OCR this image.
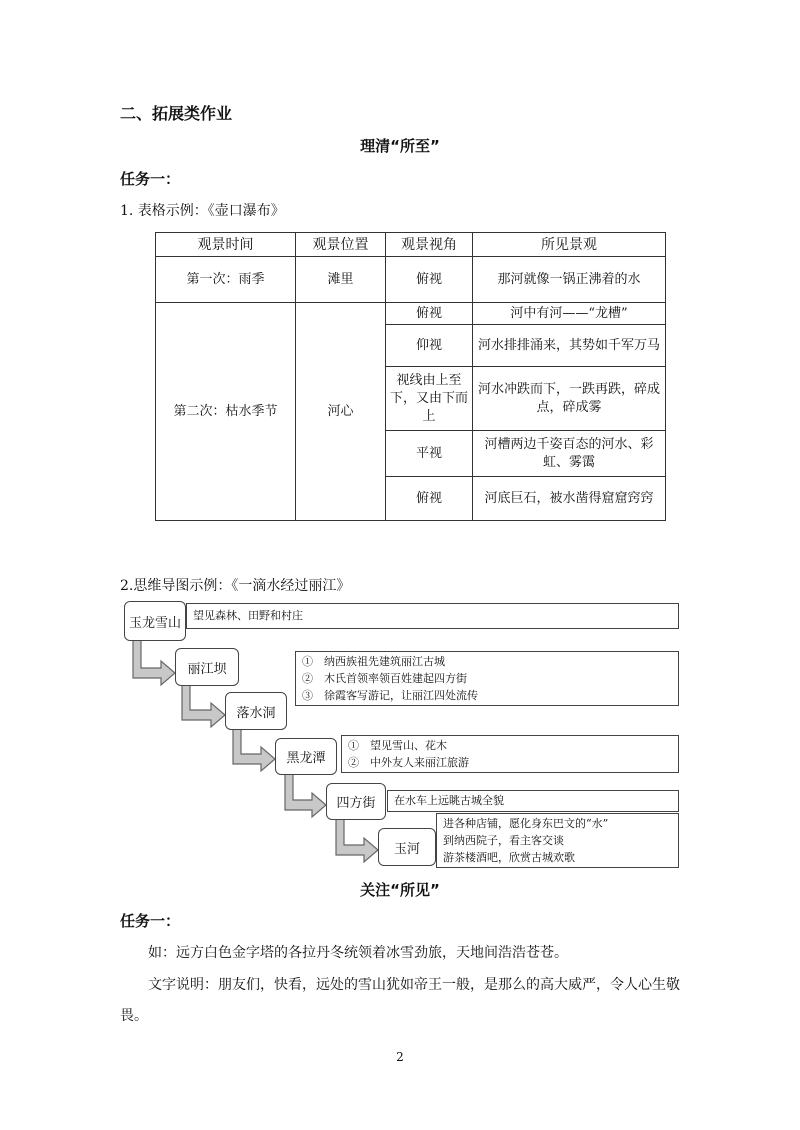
二、拓展类作业
理清“所至”
任务一：
1. 表格示例：《壶口瀑布》
观景时间	观景位置	观景视角	所见景观
第一次：雨季	滩里	俯视	那河就像一锅正沸着的水
第二次：枯水季节	河心	俯视	河中有河——“龙槽”
		仰视	河水排排涌来，其势如千军万马
		视线由上至下，又由下而上	河水冲跌而下，一跌再跌，碎成点，碎成雾
		平视	河槽两边千姿百态的河水、彩虹、雾霭
		俯视	河底巨石，被水凿得窟窟窍窍
2.思维导图示例：《一滴水经过丽江》
玉龙雪山
丽江坝
落水洞
黑龙潭
四方街
玉河
望见森林、田野和村庄
①　纳西族祖先建筑丽江古城
②　木氏首领率领百姓建起四方街
③　徐霞客写游记，让丽江四处流传
①　望见雪山、花木
②　中外友人来丽江旅游
在水车上远眺古城全貌
进各种店铺，愿化身东巴文的“水”
到纳西院子，看主客交谈
游茶楼酒吧，欣赏古城欢歌
关注“所见”
任务一：
如：远方白色金字塔的各拉丹冬统领着冰雪劲旅，天地间浩浩苍苍。
文字说明：朋友们，快看，远处的雪山犹如帝王一般，是那么的高大威严，令人心生敬
畏。
2
